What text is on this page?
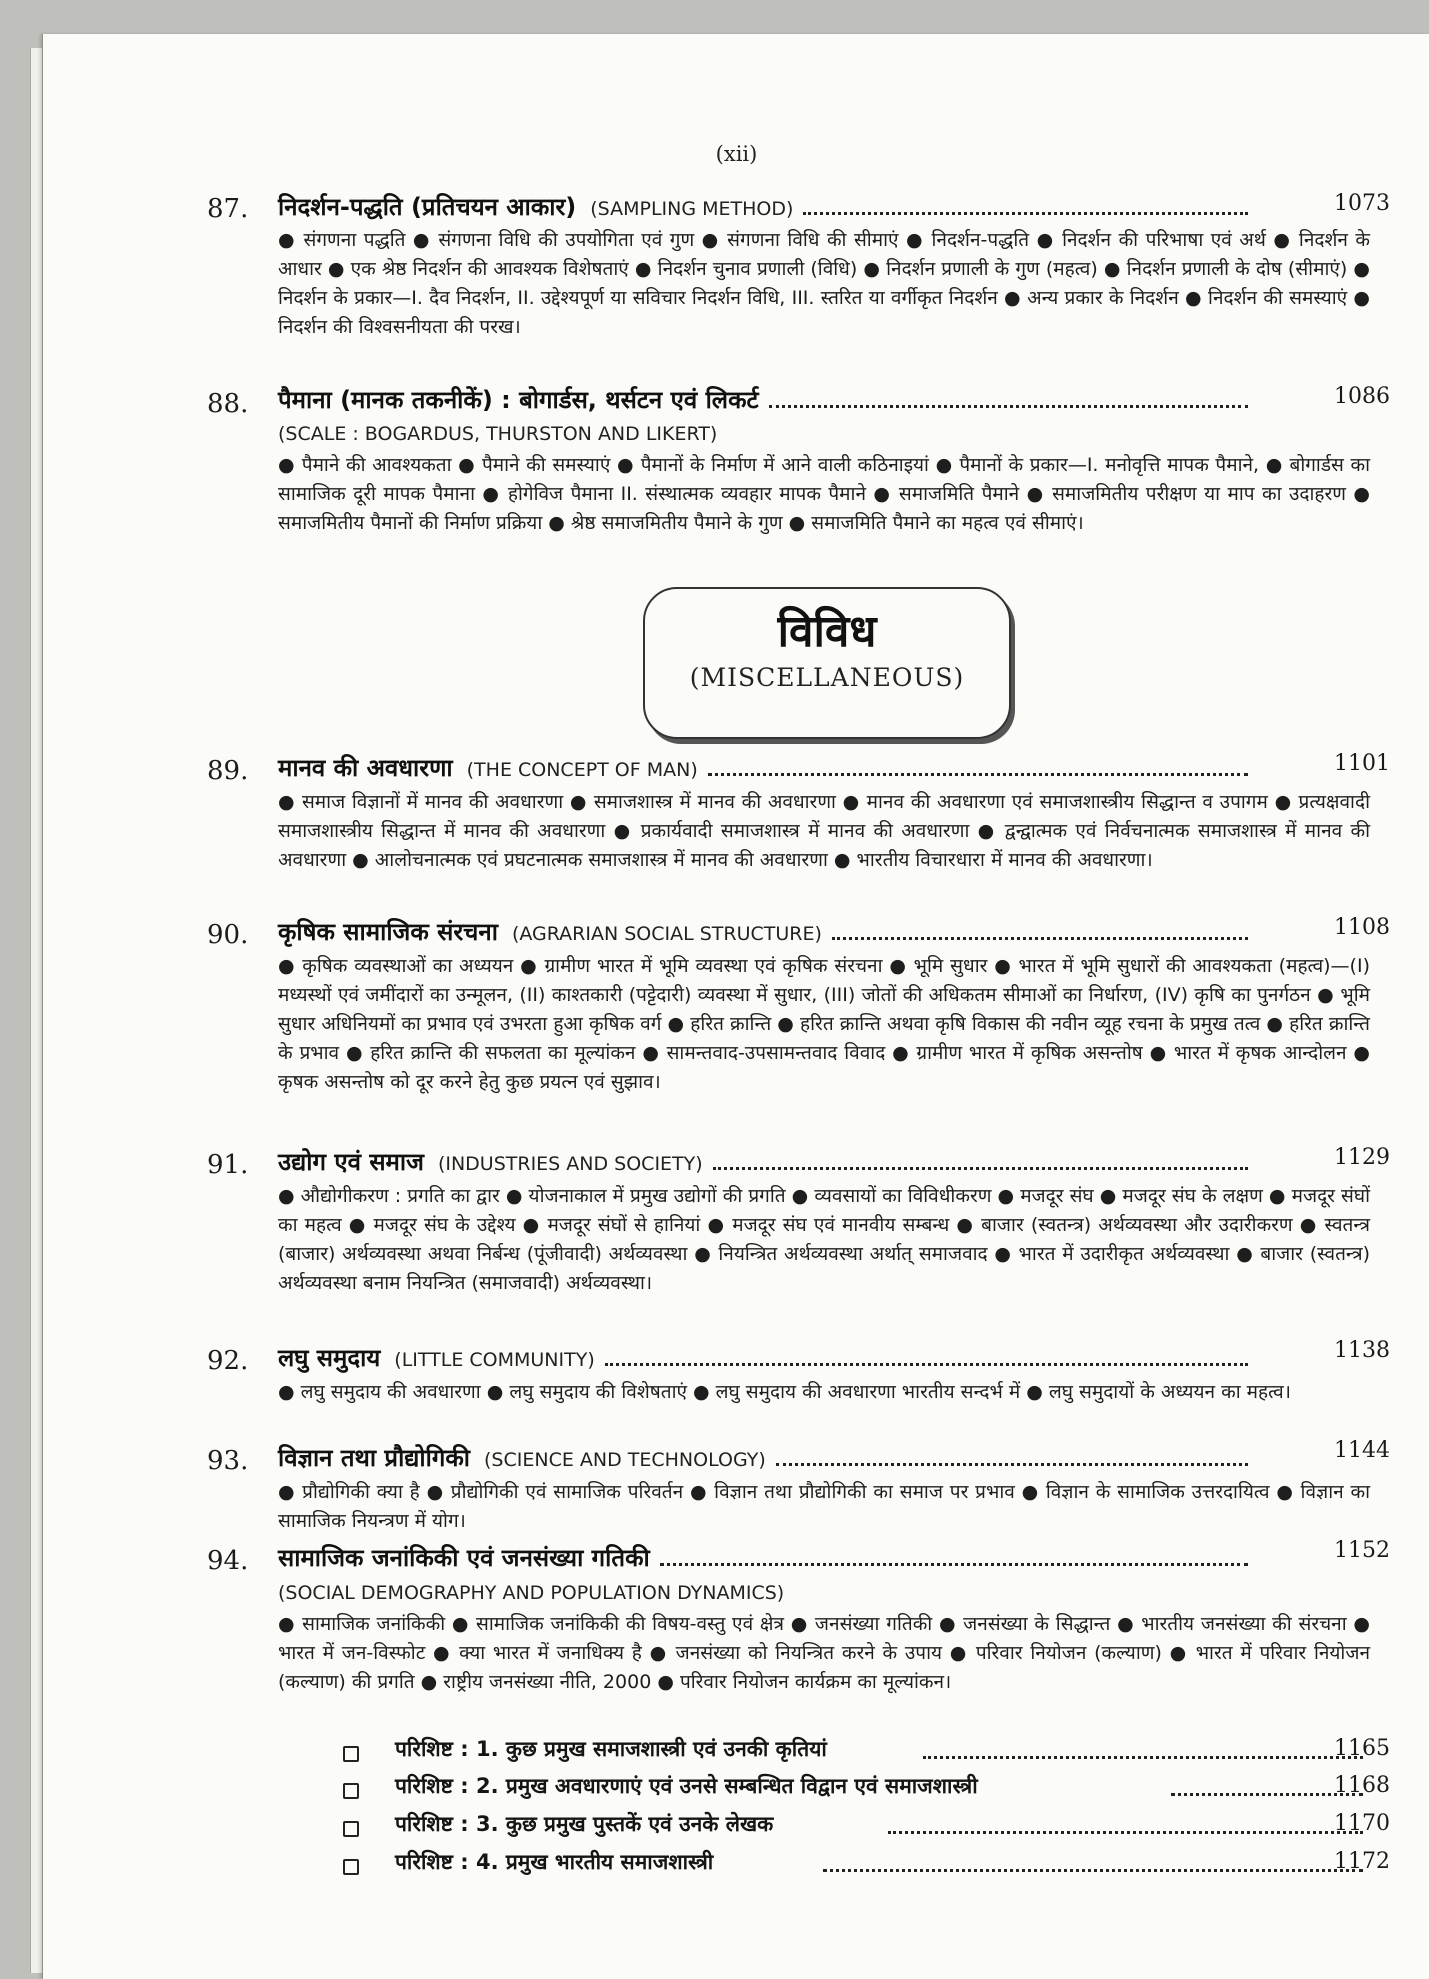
(xii)
87.	निदर्शन-पद्धति (प्रतिचयन आकार) (SAMPLING METHOD)	1073
● संगणना पद्धति ● संगणना विधि की उपयोगिता एवं गुण ● संगणना विधि की सीमाएं ● निदर्शन-पद्धति ● निदर्शन की परिभाषा एवं अर्थ ● निदर्शन के आधार ● एक श्रेष्ठ निदर्शन की आवश्यक विशेषताएं ● निदर्शन चुनाव प्रणाली (विधि) ● निदर्शन प्रणाली के गुण (महत्व) ● निदर्शन प्रणाली के दोष (सीमाएं) ● निदर्शन के प्रकार—I. दैव निदर्शन, II. उद्देश्यपूर्ण या सविचार निदर्शन विधि, III. स्तरित या वर्गीकृत निदर्शन ● अन्य प्रकार के निदर्शन ● निदर्शन की समस्याएं ● निदर्शन की विश्वसनीयता की परख।
88.	पैमाना (मानक तकनीकें) : बोगार्डस, थर्सटन एवं लिकर्ट	1086
(SCALE : BOGARDUS, THURSTON AND LIKERT)
● पैमाने की आवश्यकता ● पैमाने की समस्याएं ● पैमानों के निर्माण में आने वाली कठिनाइयां ● पैमानों के प्रकार—I. मनोवृत्ति मापक पैमाने, ● बोगार्डस का सामाजिक दूरी मापक पैमाना ● होगेविज पैमाना II. संस्थात्मक व्यवहार मापक पैमाने ● समाजमिति पैमाने ● समाजमितीय परीक्षण या माप का उदाहरण ● समाजमितीय पैमानों की निर्माण प्रक्रिया ● श्रेष्ठ समाजमितीय पैमाने के गुण ● समाजमिति पैमाने का महत्व एवं सीमाएं।
विविध
(MISCELLANEOUS)
89.	मानव की अवधारणा (THE CONCEPT OF MAN)	1101
● समाज विज्ञानों में मानव की अवधारणा ● समाजशास्त्र में मानव की अवधारणा ● मानव की अवधारणा एवं समाजशास्त्रीय सिद्धान्त व उपागम ● प्रत्यक्षवादी समाजशास्त्रीय सिद्धान्त में मानव की अवधारणा ● प्रकार्यवादी समाजशास्त्र में मानव की अवधारणा ● द्वन्द्वात्मक एवं निर्वचनात्मक समाजशास्त्र में मानव की अवधारणा ● आलोचनात्मक एवं प्रघटनात्मक समाजशास्त्र में मानव की अवधारणा ● भारतीय विचारधारा में मानव की अवधारणा।
90.	कृषिक सामाजिक संरचना (AGRARIAN SOCIAL STRUCTURE)	1108
● कृषिक व्यवस्थाओं का अध्ययन ● ग्रामीण भारत में भूमि व्यवस्था एवं कृषिक संरचना ● भूमि सुधार ● भारत में भूमि सुधारों की आवश्यकता (महत्व)—(I) मध्यस्थों एवं जमींदारों का उन्मूलन, (II) काश्तकारी (पट्टेदारी) व्यवस्था में सुधार, (III) जोतों की अधिकतम सीमाओं का निर्धारण, (IV) कृषि का पुनर्गठन ● भूमि सुधार अधिनियमों का प्रभाव एवं उभरता हुआ कृषिक वर्ग ● हरित क्रान्ति ● हरित क्रान्ति अथवा कृषि विकास की नवीन व्यूह रचना के प्रमुख तत्व ● हरित क्रान्ति के प्रभाव ● हरित क्रान्ति की सफलता का मूल्यांकन ● सामन्तवाद-उपसामन्तवाद विवाद ● ग्रामीण भारत में कृषिक असन्तोष ● भारत में कृषक आन्दोलन ● कृषक असन्तोष को दूर करने हेतु कुछ प्रयत्न एवं सुझाव।
91.	उद्योग एवं समाज (INDUSTRIES AND SOCIETY)	1129
● औद्योगीकरण : प्रगति का द्वार ● योजनाकाल में प्रमुख उद्योगों की प्रगति ● व्यवसायों का विविधीकरण ● मजदूर संघ ● मजदूर संघ के लक्षण ● मजदूर संघों का महत्व ● मजदूर संघ के उद्देश्य ● मजदूर संघों से हानियां ● मजदूर संघ एवं मानवीय सम्बन्ध ● बाजार (स्वतन्त्र) अर्थव्यवस्था और उदारीकरण ● स्वतन्त्र (बाजार) अर्थव्यवस्था अथवा निर्बन्ध (पूंजीवादी) अर्थव्यवस्था ● नियन्त्रित अर्थव्यवस्था अर्थात् समाजवाद ● भारत में उदारीकृत अर्थव्यवस्था ● बाजार (स्वतन्त्र) अर्थव्यवस्था बनाम नियन्त्रित (समाजवादी) अर्थव्यवस्था।
92.	लघु समुदाय (LITTLE COMMUNITY)	1138
● लघु समुदाय की अवधारणा ● लघु समुदाय की विशेषताएं ● लघु समुदाय की अवधारणा भारतीय सन्दर्भ में ● लघु समुदायों के अध्ययन का महत्व।
93.	विज्ञान तथा प्रौद्योगिकी (SCIENCE AND TECHNOLOGY)	1144
● प्रौद्योगिकी क्या है ● प्रौद्योगिकी एवं सामाजिक परिवर्तन ● विज्ञान तथा प्रौद्योगिकी का समाज पर प्रभाव ● विज्ञान के सामाजिक उत्तरदायित्व ● विज्ञान का सामाजिक नियन्त्रण में योग।
94.	सामाजिक जनांकिकी एवं जनसंख्या गतिकी	1152
(SOCIAL DEMOGRAPHY AND POPULATION DYNAMICS)
● सामाजिक जनांकिकी ● सामाजिक जनांकिकी की विषय-वस्तु एवं क्षेत्र ● जनसंख्या गतिकी ● जनसंख्या के सिद्धान्त ● भारतीय जनसंख्या की संरचना ● भारत में जन-विस्फोट ● क्या भारत में जनाधिक्य है ● जनसंख्या को नियन्त्रित करने के उपाय ● परिवार नियोजन (कल्याण) ● भारत में परिवार नियोजन (कल्याण) की प्रगति ● राष्ट्रीय जनसंख्या नीति, 2000 ● परिवार नियोजन कार्यक्रम का मूल्यांकन।
परिशिष्ट : 1. कुछ प्रमुख समाजशास्त्री एवं उनकी कृतियां	1165
परिशिष्ट : 2. प्रमुख अवधारणाएं एवं उनसे सम्बन्धित विद्वान एवं समाजशास्त्री	1168
परिशिष्ट : 3. कुछ प्रमुख पुस्तकें एवं उनके लेखक	1170
परिशिष्ट : 4. प्रमुख भारतीय समाजशास्त्री	1172
